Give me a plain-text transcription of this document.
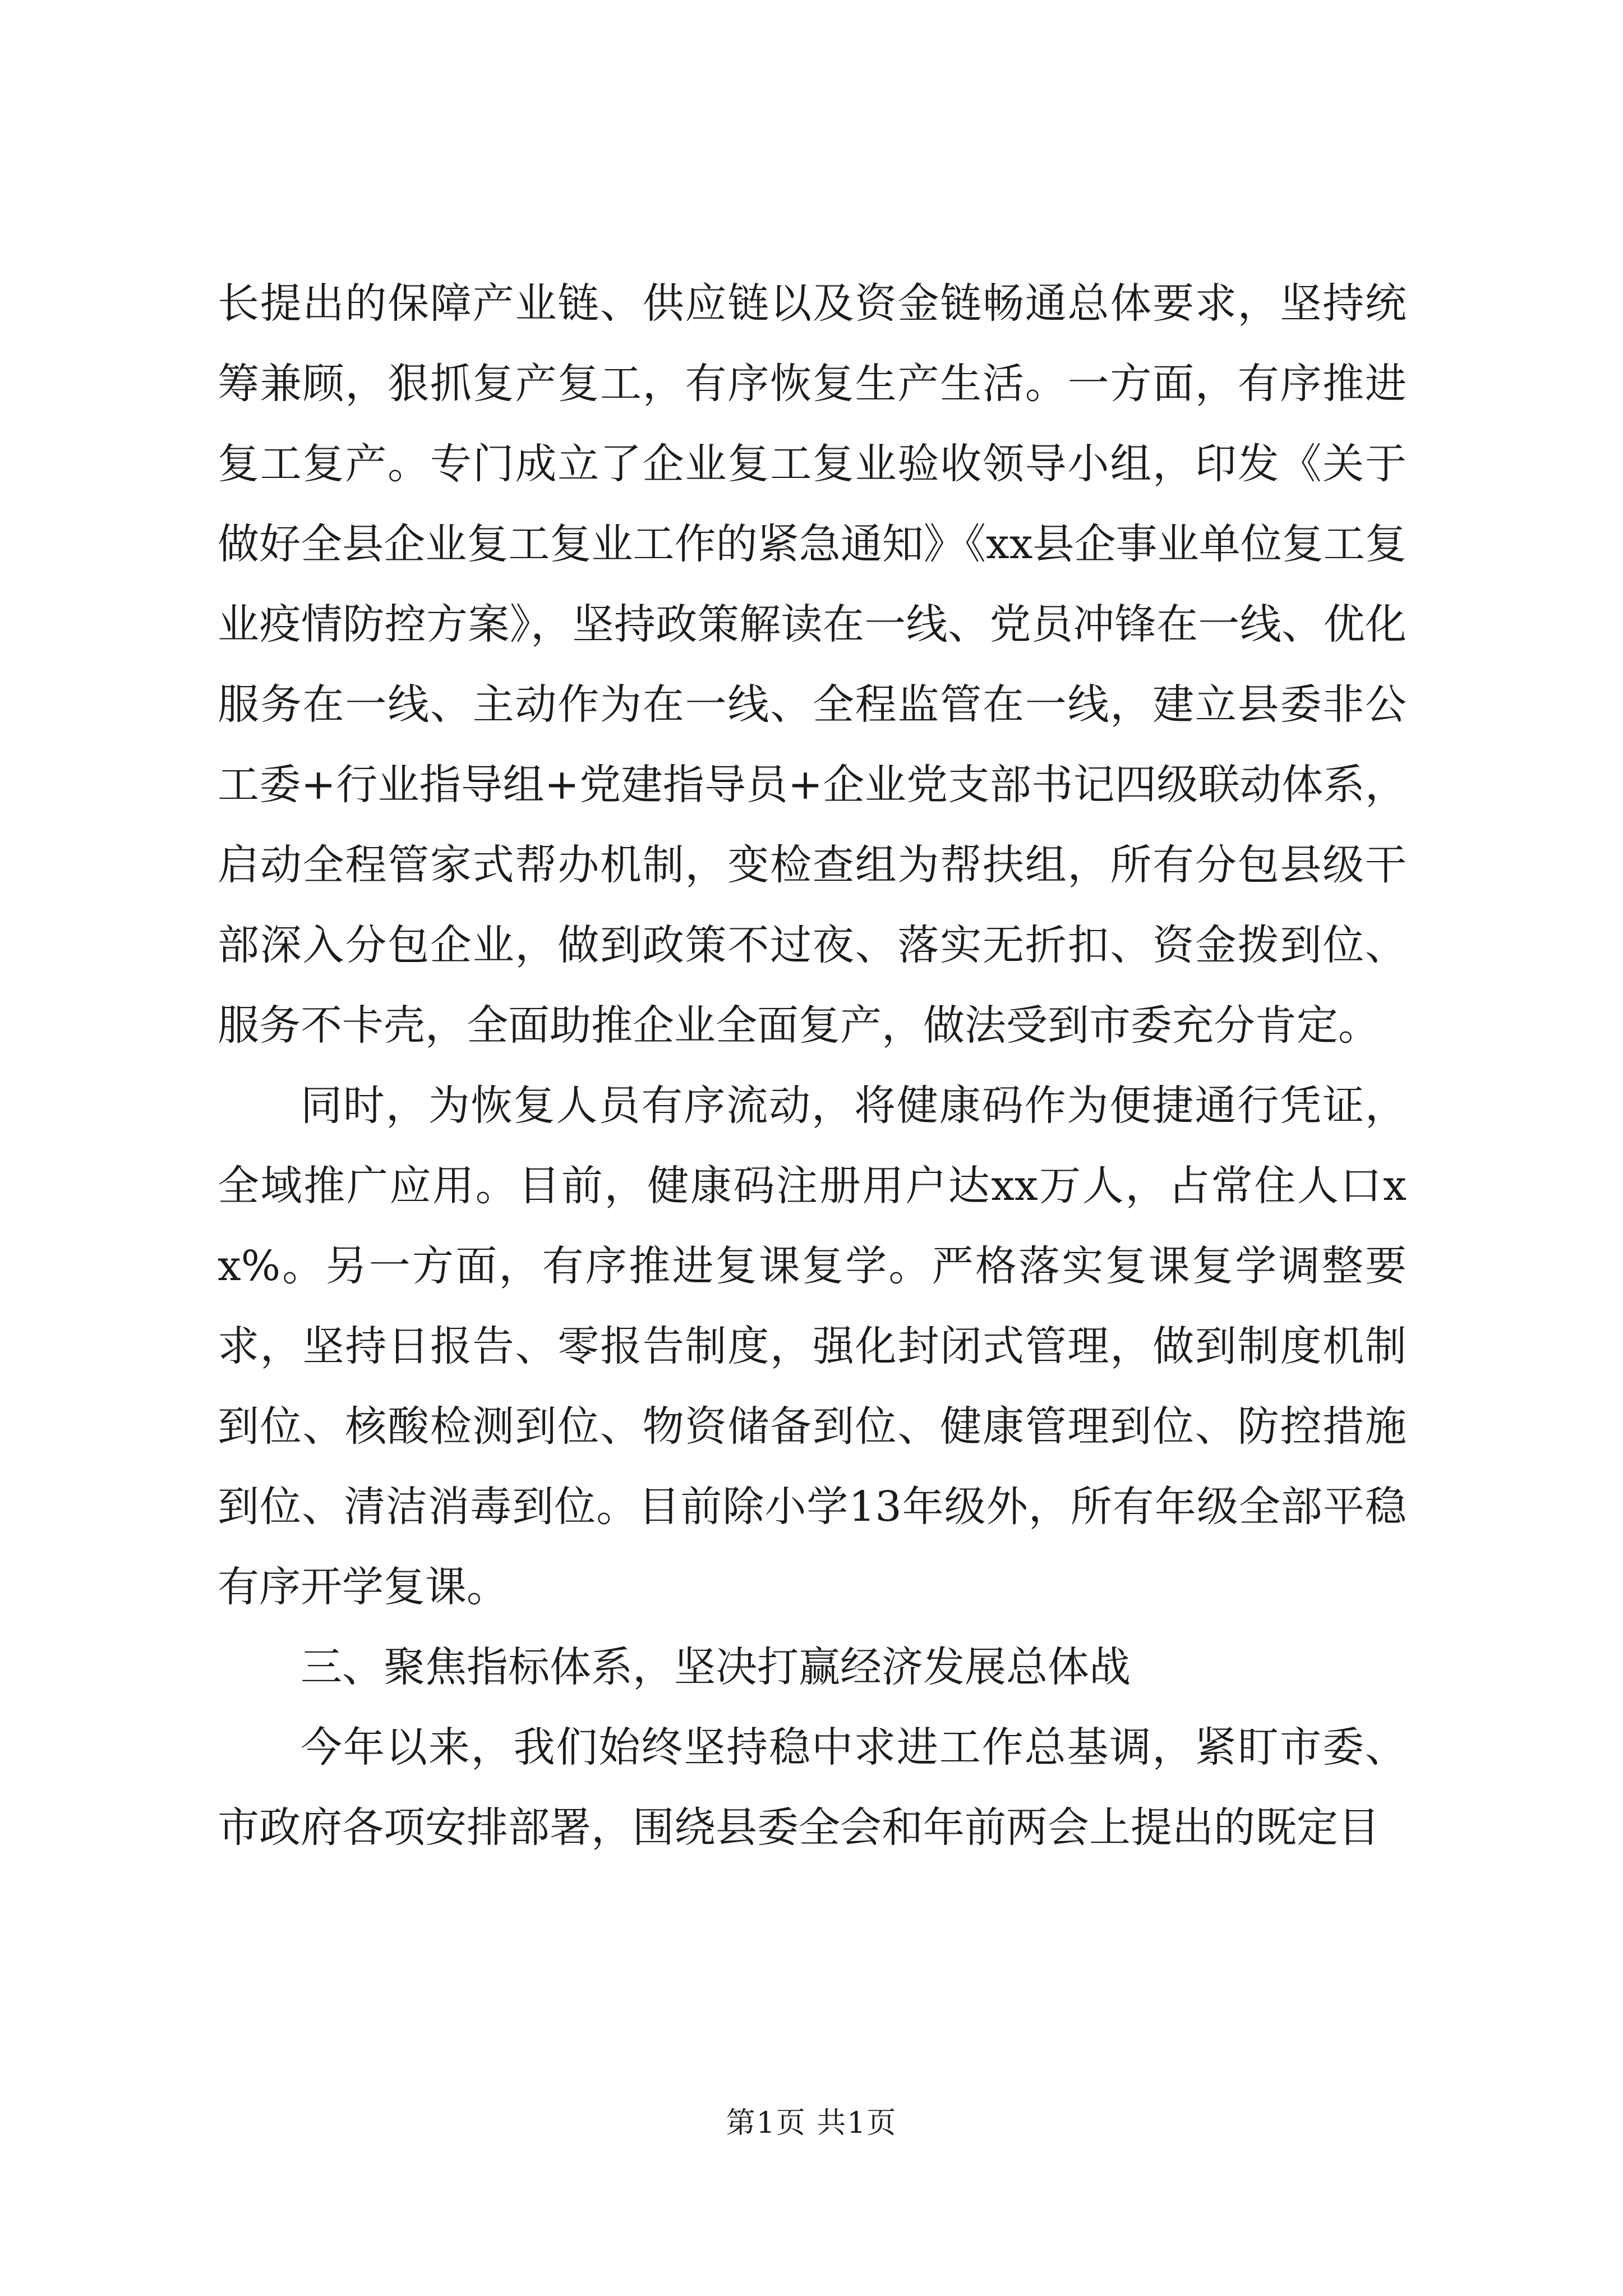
长提出的保障产业链、供应链以及资金链畅通总体要求，坚持统筹兼顾，狠抓复产复工，有序恢复生产生活。一方面，有序推进复工复产。专门成立了企业复工复业验收领导小组，印发《关于做好全县企业复工复业工作的紧急通知》《xx县企事业单位复工复业疫情防控方案》，坚持政策解读在一线、党员冲锋在一线、优化服务在一线、主动作为在一线、全程监管在一线，建立县委非公工委+行业指导组+党建指导员+企业党支部书记四级联动体系，启动全程管家式帮办机制，变检查组为帮扶组，所有分包县级干部深入分包企业，做到政策不过夜、落实无折扣、资金拨到位、服务不卡壳，全面助推企业全面复产，做法受到市委充分肯定。

同时，为恢复人员有序流动，将健康码作为便捷通行凭证，全域推广应用。目前，健康码注册用户达xx万人，占常住人口xx%。另一方面，有序推进复课复学。严格落实复课复学调整要求，坚持日报告、零报告制度，强化封闭式管理，做到制度机制到位、核酸检测到位、物资储备到位、健康管理到位、防控措施到位、清洁消毒到位。目前除小学13年级外，所有年级全部平稳有序开学复课。

三、聚焦指标体系，坚决打赢经济发展总体战

今年以来，我们始终坚持稳中求进工作总基调，紧盯市委、市政府各项安排部署，围绕县委全会和年前两会上提出的既定目

第1页 共1页
